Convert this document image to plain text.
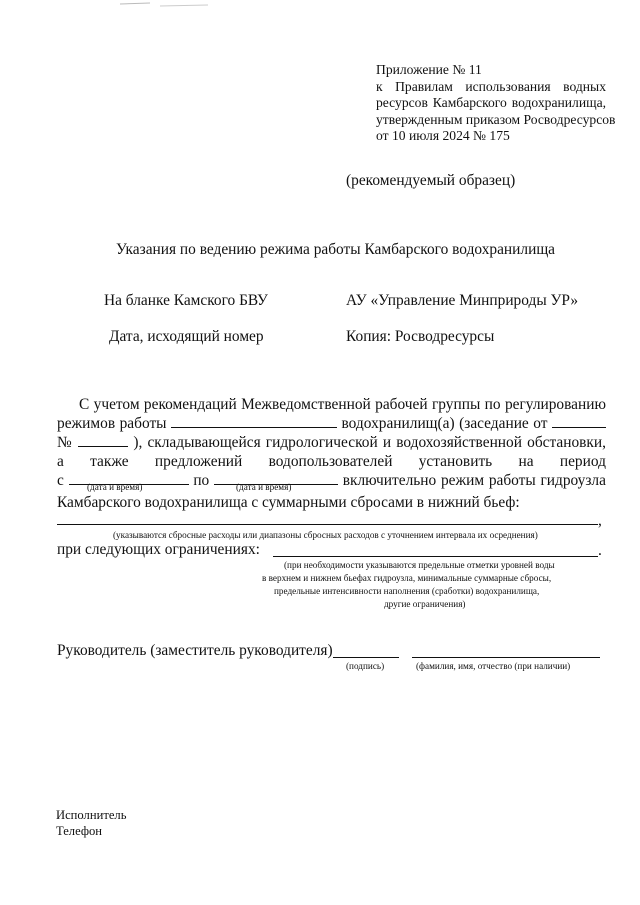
Приложение № 11
к Правилам использования водных
ресурсов Камбарского водохранилища,
утвержденным приказом Росводресурсов
от 10 июля 2024 № 175
(рекомендуемый образец)
Указания по ведению режима работы Камбарского водохранилища
На бланке Камского БВУ	АУ «Управление Минприроды УР»
Дата, исходящий номер	Копия: Росводресурсы
С учетом рекомендаций Межведомственной рабочей группы по регулированию
режимов работы	водохранилищ(а) (заседание от
№	), складывающейся гидрологической и водохозяйственной обстановки,
а также предложений водопользователей установить на период
с	по	включительно режим работы гидроузла
(дата и время)	(дата и время)
Камбарского водохранилища с суммарными сбросами в нижний бьеф:
,
(указываются сбросные расходы или диапазоны сбросных расходов с уточнением интервала их осреднения)
при следующих ограничениях:	.
(при необходимости указываются предельные отметки уровней воды
в верхнем и нижнем бьефах гидроузла, минимальные суммарные сбросы,
предельные интенсивности наполнения (сработки) водохранилища,
другие ограничения)
Руководитель (заместитель руководителя)
(подпись)	(фамилия, имя, отчество (при наличии)
Исполнитель
Телефон
